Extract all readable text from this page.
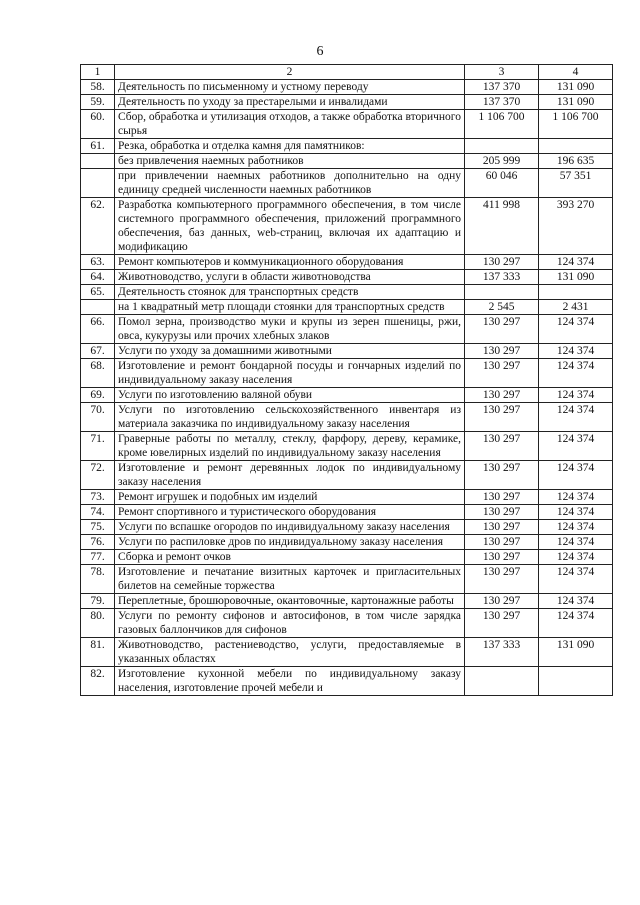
6
1	2	3	4
58.	Деятельность по письменному и устному переводу	137 370	131 090
59.	Деятельность по уходу за престарелыми и инвалидами	137 370	131 090
60.	Сбор, обработка и утилизация отходов, а также обработка вторичного сырья	1 106 700	1 106 700
61.	Резка, обработка и отделка камня для памятников:		
	без привлечения наемных работников	205 999	196 635
	при привлечении наемных работников дополнительно на одну единицу средней численности наемных работников	60 046	57 351
62.	Разработка компьютерного программного обеспечения, в том числе системного программного обеспечения, приложений программного обеспечения, баз данных, web-страниц, включая их адаптацию и модификацию	411 998	393 270
63.	Ремонт компьютеров и коммуникационного оборудования	130 297	124 374
64.	Животноводство, услуги в области животноводства	137 333	131 090
65.	Деятельность стоянок для транспортных средств		
	на 1 квадратный метр площади стоянки для транспортных средств	2 545	2 431
66.	Помол зерна, производство муки и крупы из зерен пшеницы, ржи, овса, кукурузы или прочих хлебных злаков	130 297	124 374
67.	Услуги по уходу за домашними животными	130 297	124 374
68.	Изготовление и ремонт бондарной посуды и гончарных изделий по индивидуальному заказу населения	130 297	124 374
69.	Услуги по изготовлению валяной обуви	130 297	124 374
70.	Услуги по изготовлению сельскохозяйственного инвентаря из материала заказчика по индивидуальному заказу населения	130 297	124 374
71.	Граверные работы по металлу, стеклу, фарфору, дереву, керамике, кроме ювелирных изделий по индивидуальному заказу населения	130 297	124 374
72.	Изготовление и ремонт деревянных лодок по индивидуальному заказу населения	130 297	124 374
73.	Ремонт игрушек и подобных им изделий	130 297	124 374
74.	Ремонт спортивного и туристического оборудования	130 297	124 374
75.	Услуги по вспашке огородов по индивидуальному заказу населения	130 297	124 374
76.	Услуги по распиловке дров по индивидуальному заказу населения	130 297	124 374
77.	Сборка и ремонт очков	130 297	124 374
78.	Изготовление и печатание визитных карточек и пригласительных билетов на семейные торжества	130 297	124 374
79.	Переплетные, брошюровочные, окантовочные, картонажные работы	130 297	124 374
80.	Услуги по ремонту сифонов и автосифонов, в том числе зарядка газовых баллончиков для сифонов	130 297	124 374
81.	Животноводство, растениеводство, услуги, предоставляемые в указанных областях	137 333	131 090
82.	Изготовление кухонной мебели по индивидуальному заказу населения, изготовление прочей мебели и		
